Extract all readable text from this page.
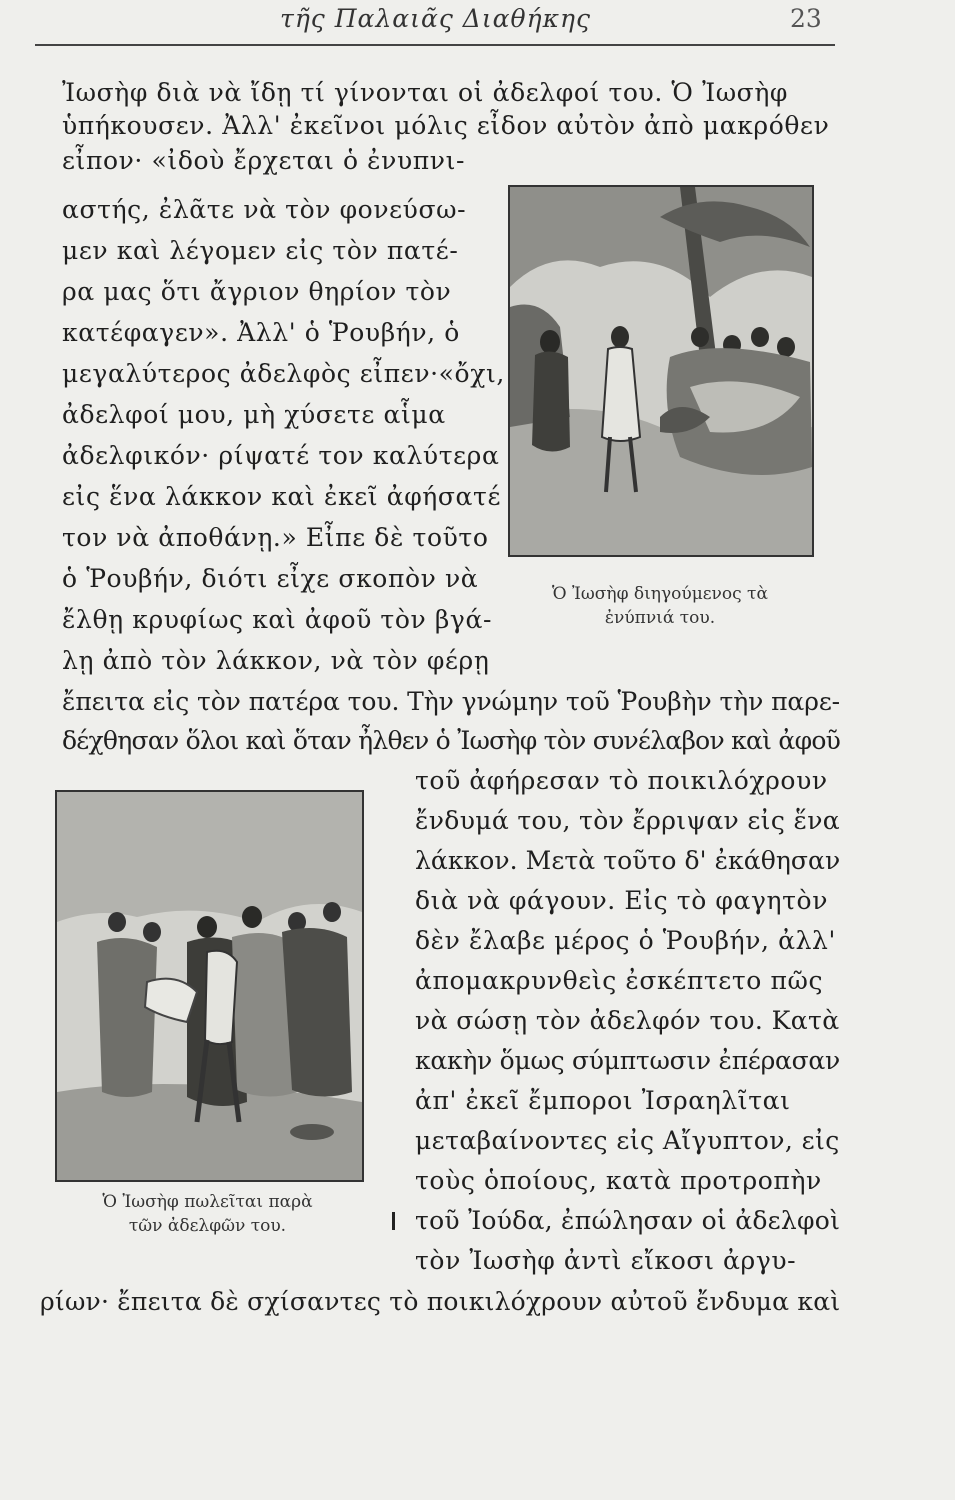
τῆς Παλαιᾶς Διαθήκης	23
Ἰωσὴφ διὰ νὰ ἴδῃ τί γίνονται οἱ ἀδελφοί του. Ὁ Ἰωσὴφ
ὑπήκουσεν. Ἀλλ' ἐκεῖνοι μόλις εἶδον αὐτὸν ἀπὸ μακρόθεν
εἶπον· «ἰδοὺ ἔρχεται ὁ ἐνυπνι-
αστής, ἐλᾶτε νὰ τὸν φονεύσω-
μεν καὶ λέγομεν εἰς τὸν πατέ-
ρα μας ὅτι ἄγριον θηρίον τὸν
κατέφαγεν». Ἀλλ' ὁ Ῥουβήν, ὁ
μεγαλύτερος ἀδελφὸς εἶπεν·«ὄχι,
ἀδελφοί μου, μὴ χύσετε αἷμα
ἀδελφικόν· ρίψατέ τον καλύτερα
εἰς ἕνα λάκκον καὶ ἐκεῖ ἀφήσατέ
τον νὰ ἀποθάνῃ.» Εἶπε δὲ τοῦτο
ὁ Ῥουβήν, διότι εἶχε σκοπὸν νὰ
ἔλθῃ κρυφίως καὶ ἀφοῦ τὸν βγά-
λῃ ἀπὸ τὸν λάκκον, νὰ τὸν φέρῃ
ἔπειτα εἰς τὸν πατέρα του. Τὴν γνώμην τοῦ Ῥουβὴν τὴν παρε-
δέχθησαν ὅλοι καὶ ὅταν ἦλθεν ὁ Ἰωσὴφ τὸν συνέλαβον καὶ ἀφοῦ
τοῦ ἀφήρεσαν τὸ ποικιλόχρουν
ἔνδυμά του, τὸν ἔρριψαν εἰς ἕνα
λάκκον. Μετὰ τοῦτο δ' ἐκάθησαν
διὰ νὰ φάγουν. Εἰς τὸ φαγητὸν
δὲν ἔλαβε μέρος ὁ Ῥουβήν, ἀλλ'
ἀπομακρυνθεὶς ἐσκέπτετο πῶς
νὰ σώσῃ τὸν ἀδελφόν του. Κατὰ
κακὴν ὅμως σύμπτωσιν ἐπέρασαν
ἀπ' ἐκεῖ ἔμποροι Ἰσραηλῖται
μεταβαίνοντες εἰς Αἴγυπτον, εἰς
τοὺς ὁποίους, κατὰ προτροπὴν
τοῦ Ἰούδα, ἐπώλησαν οἱ ἀδελφοὶ
τὸν Ἰωσὴφ ἀντὶ εἴκοσι ἀργυ-
ρίων· ἔπειτα δὲ σχίσαντες τὸ ποικιλόχρουν αὐτοῦ ἔνδυμα καὶ
Ὁ Ἰωσὴφ διηγούμενος τὰ
ἐνύπνιά του.
Ὁ Ἰωσὴφ πωλεῖται παρὰ
τῶν ἀδελφῶν του.
